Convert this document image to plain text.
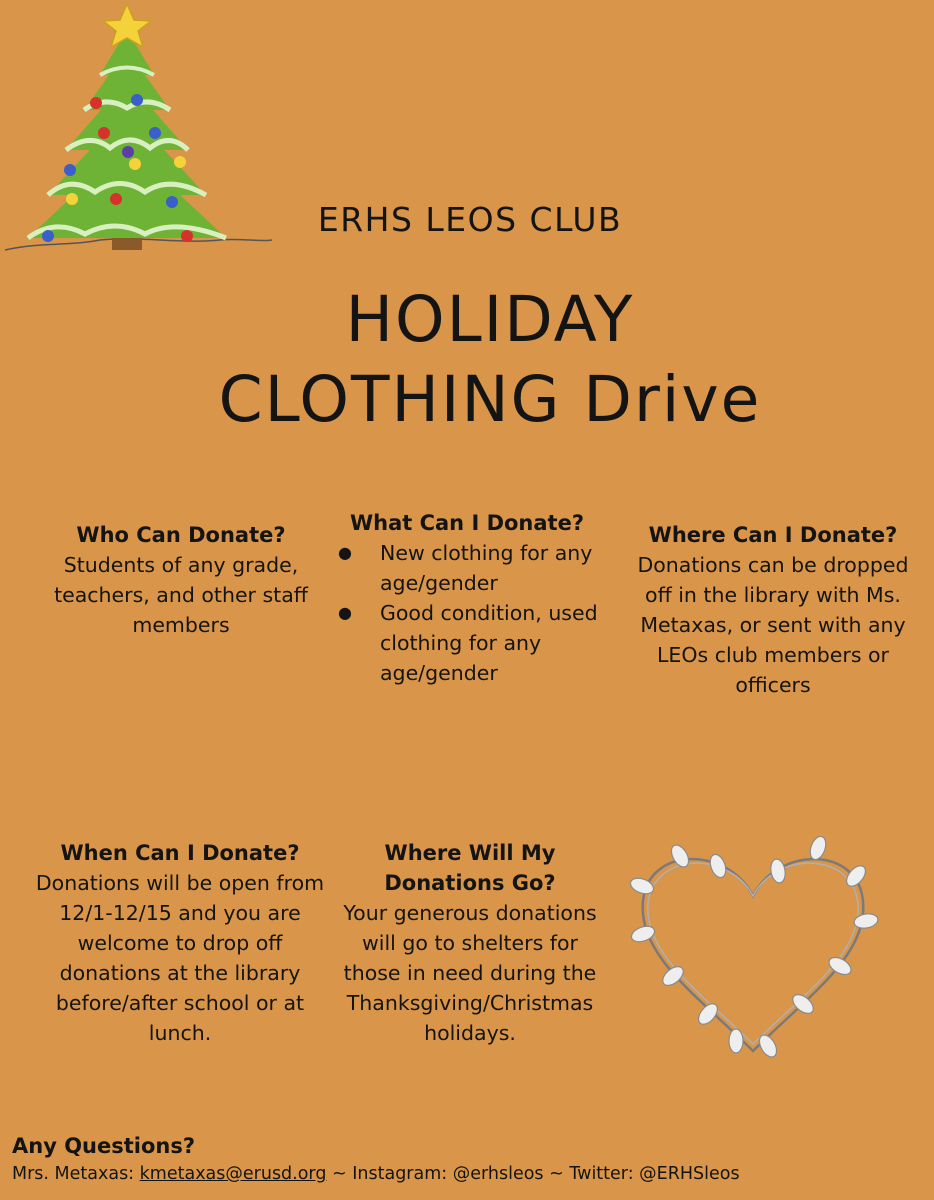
ERHS LEOS CLUB
HOLIDAY
CLOTHING Drive
Who Can Donate?

Students of any grade, teachers, and other staff members

What Can I Donate?
● New clothing for any age/gender
● Good condition, used clothing for any age/gender
Where Can I Donate?

Donations can be dropped off in the library with Ms. Metaxas, or sent with any LEOs club members or officers

When Can I Donate?

Donations will be open from 12/1-12/15 and you are welcome to drop off donations at the library before/after school or at lunch.

Where Will My Donations Go?

Your generous donations will go to shelters for those in need during the Thanksgiving/Christmas holidays.

Any Questions?
Mrs. Metaxas: kmetaxas@erusd.org ~ Instagram: @erhsleos ~ Twitter: @ERHSleos
